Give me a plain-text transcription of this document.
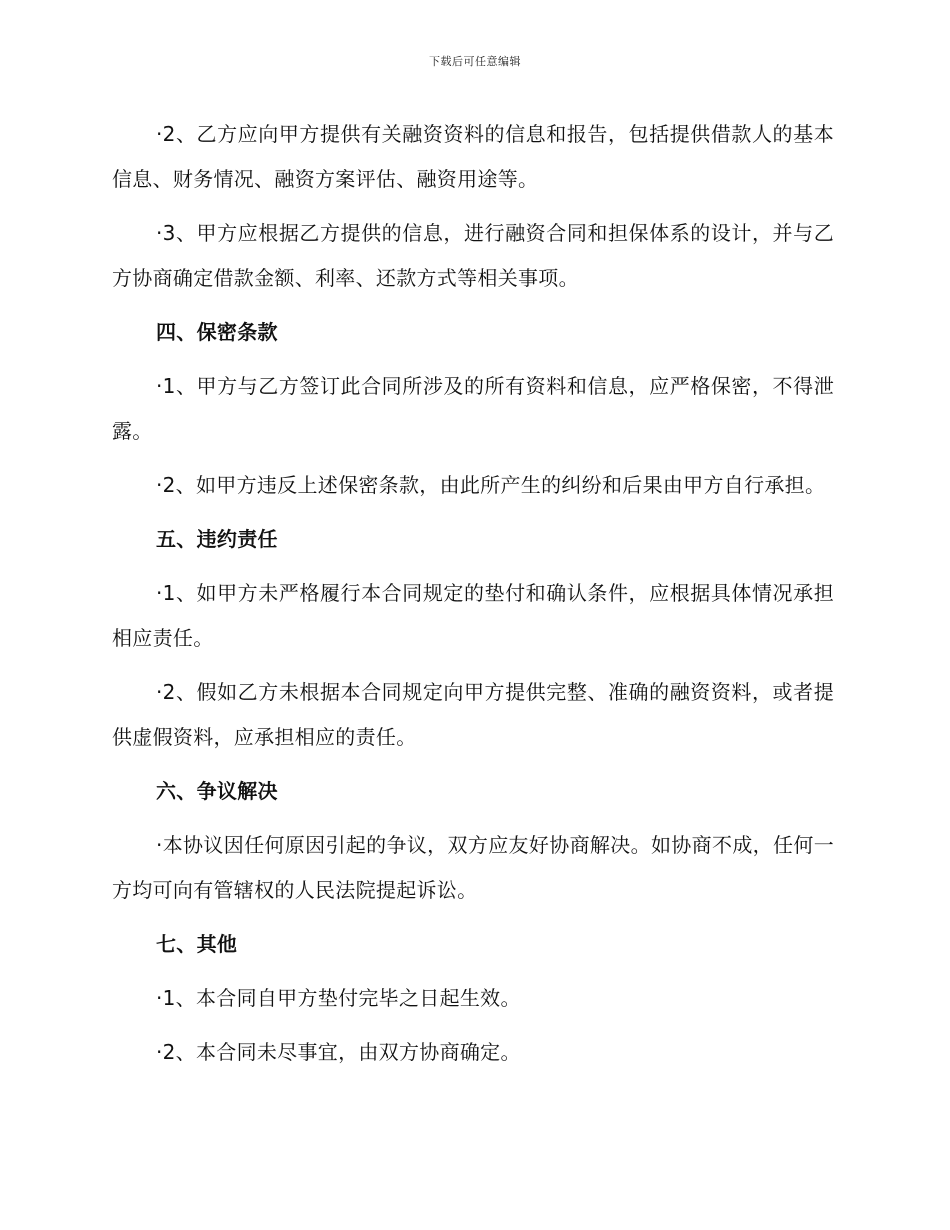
下载后可任意编辑

·2、乙方应向甲方提供有关融资资料的信息和报告，包括提供借款人的基本信息、财务情况、融资方案评估、融资用途等。

·3、甲方应根据乙方提供的信息，进行融资合同和担保体系的设计，并与乙方协商确定借款金额、利率、还款方式等相关事项。

四、保密条款

·1、甲方与乙方签订此合同所涉及的所有资料和信息，应严格保密，不得泄露。

·2、如甲方违反上述保密条款，由此所产生的纠纷和后果由甲方自行承担。

五、违约责任

·1、如甲方未严格履行本合同规定的垫付和确认条件，应根据具体情况承担相应责任。

·2、假如乙方未根据本合同规定向甲方提供完整、准确的融资资料，或者提供虚假资料，应承担相应的责任。

六、争议解决

·本协议因任何原因引起的争议，双方应友好协商解决。如协商不成，任何一方均可向有管辖权的人民法院提起诉讼。

七、其他

·1、本合同自甲方垫付完毕之日起生效。

·2、本合同未尽事宜，由双方协商确定。
